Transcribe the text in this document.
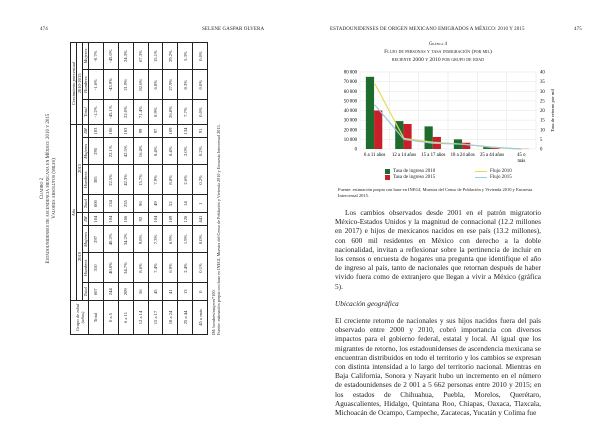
474	SELENE GASPAR OLVERA
Cuadro 2 Estadounidenses de ascendencia mexicana en México: 2010 y 2015 Valores absolutos (miles)
Grupo de edad (años)	Año								Crecimiento porcentual		
	2010				2015				2010-2015		
	Total	Hombres	Mujeres	IM	Total	Hombres	Mujeres	IM	Total	Hombres	Mujeres
Total	607	310	297	104	600	305	295	103	-1.2%	-1.6%	-0.7%
0 a 5	244	40.0%	40.2%	104	134	22.5%	22.1%	106	-45.1%	-43.9%	-45.0%
6 a 11	209	34.7%	34.2%	106	255	42.3%	42.5%	103	22.0%	21.9%	24.3%
12 a 14	56	8.6%	9.8%	92	96	15.7%	16.4%	99	71.4%	82.6%	67.3%
15 a 17	45	7.4%	7.3%	104	49	7.9%	8.4%	97	8.9%	6.8%	15.1%
18 a 24	41	6.9%	6.9%	109	52	8.8%	8.4%	109	26.8%	27.9%	29.2%
25 a 44	13	2.4%	1.9%	126	14	2.6%	2.0%	134	7.7%	8.3%	5.3%
45 o más	0	0.1%	0.0%	441	1	0.2%	0.2%	91	0.0%	0.0%	0.0%
IM: hombres/mujeres*100. Fuente: estimación propia con base en INEGI, Muestra del Censo de Población y Vivienda 2010 y Encuesta Intercensal 2015.
ESTADOUNIDENSES DE ORIGEN MEXICANO EMIGRADOS A MÉXICO: 2010 Y 2015	475
Gráfica 4
Flujo de personas y tasa inmigración (por mil)
reciente 2000 y 2010 por grupo de edad
0	0
10 000	5
20 000	10
30 000	15
40 000	20
50 000	25
60 000	30
70 000	35
80 000	40
6 a 11 años 12 a 14 años 15 a 17 años 18 a 24 años 25 a 44 años	45 o
más
Tasa de retorno por mil
Tasa de ingreso 2010	Flujo 2010
Tasa de ingreso 2015	Flujo 2015
Fuente: estimación propia con base en INEGI, Muestra del Censo de Población y Vivienda 2010 y Encuesta Intercensal 2015.

Los cambios observados desde 2001 en el patrón migratorio México-Estados Unidos y la magnitud de connacional (12.2 millones en 2017) e hijos de mexicanos nacidos en ese país (13.2 millones), con 600 mil residentes en México con derecho a la doble nacionalidad, invitan a reflexionar sobre la pertinencia de incluir en los censos o encuesta de hogares una pregunta que identifique el año de ingreso al país, tanto de nacionales que retornan después de haber vivido fuera como de extranjero que llegan a vivir a México (gráfica 5).

Ubicación geográfica

El creciente retorno de nacionales y sus hijos nacidos fuera del país observado entre 2000 y 2010, cobró importancia con diversos impactos para el gobierno federal, estatal y local. Al igual que los migrantes de retorno, los estadounidenses de ascendencia mexicana se encuentran distribuidos en todo el territorio y los cambios se expresan con distinta intensidad a lo largo del territorio nacional. Mientras en Baja California, Sonora y Nayarit hubo un incremento en el número de estadounidenses de 2 001 a 5 662 personas entre 2010 y 2015; en los estados de Chihuahua, Puebla, Morelos, Querétaro, Aguascalientes, Hidalgo, Quintana Roo, Chiapas, Oaxaca, Tlaxcala, Michoacán de Ocampo, Campeche, Zacatecas, Yucatán y Colima fue
